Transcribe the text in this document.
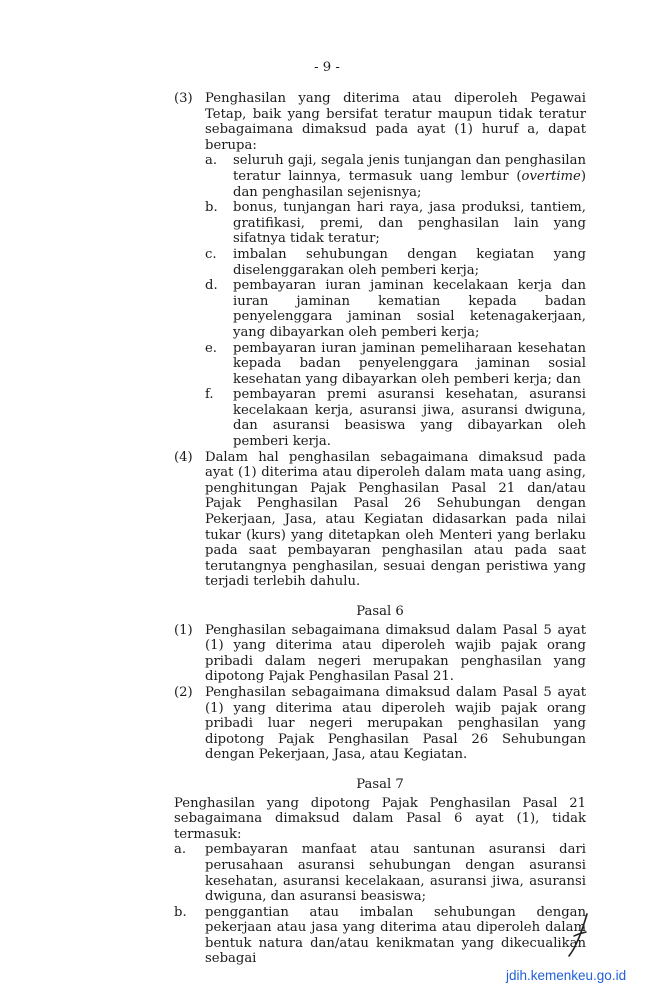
- 9 -
(3) Penghasilan yang diterima atau diperoleh Pegawai Tetap, baik yang bersifat teratur maupun tidak teratur sebagaimana dimaksud pada ayat (1) huruf a, dapat berupa:
a.	seluruh gaji, segala jenis tunjangan dan penghasilan teratur lainnya, termasuk uang lembur (overtime) dan penghasilan sejenisnya;
b.	bonus, tunjangan hari raya, jasa produksi, tantiem, gratifikasi, premi, dan penghasilan lain yang sifatnya tidak teratur;
c.	imbalan sehubungan dengan kegiatan yang diselenggarakan oleh pemberi kerja;
d.	pembayaran iuran jaminan kecelakaan kerja dan iuran jaminan kematian kepada badan penyelenggara jaminan sosial ketenagakerjaan, yang dibayarkan oleh pemberi kerja;
e.	pembayaran iuran jaminan pemeliharaan kesehatan kepada badan penyelenggara jaminan sosial kesehatan yang dibayarkan oleh pemberi kerja; dan
f.	pembayaran premi asuransi kesehatan, asuransi kecelakaan kerja, asuransi jiwa, asuransi dwiguna, dan asuransi beasiswa yang dibayarkan oleh pemberi kerja.
(4) Dalam hal penghasilan sebagaimana dimaksud pada ayat (1) diterima atau diperoleh dalam mata uang asing, penghitungan Pajak Penghasilan Pasal 21 dan/atau Pajak Penghasilan Pasal 26 Sehubungan dengan Pekerjaan, Jasa, atau Kegiatan didasarkan pada nilai tukar (kurs) yang ditetapkan oleh Menteri yang berlaku pada saat pembayaran penghasilan atau pada saat terutangnya penghasilan, sesuai dengan peristiwa yang terjadi terlebih dahulu.
Pasal 6
(1) Penghasilan sebagaimana dimaksud dalam Pasal 5 ayat (1) yang diterima atau diperoleh wajib pajak orang pribadi dalam negeri merupakan penghasilan yang dipotong Pajak Penghasilan Pasal 21.
(2) Penghasilan sebagaimana dimaksud dalam Pasal 5 ayat (1) yang diterima atau diperoleh wajib pajak orang pribadi luar negeri merupakan penghasilan yang dipotong Pajak Penghasilan Pasal 26 Sehubungan dengan Pekerjaan, Jasa, atau Kegiatan.
Pasal 7
Penghasilan yang dipotong Pajak Penghasilan Pasal 21 sebagaimana dimaksud dalam Pasal 6 ayat (1), tidak termasuk:
a.	pembayaran manfaat atau santunan asuransi dari perusahaan asuransi sehubungan dengan asuransi kesehatan, asuransi kecelakaan, asuransi jiwa, asuransi dwiguna, dan asuransi beasiswa;
b.	penggantian atau imbalan sehubungan dengan pekerjaan atau jasa yang diterima atau diperoleh dalam bentuk natura dan/atau kenikmatan yang dikecualikan sebagai
jdih.kemenkeu.go.id
